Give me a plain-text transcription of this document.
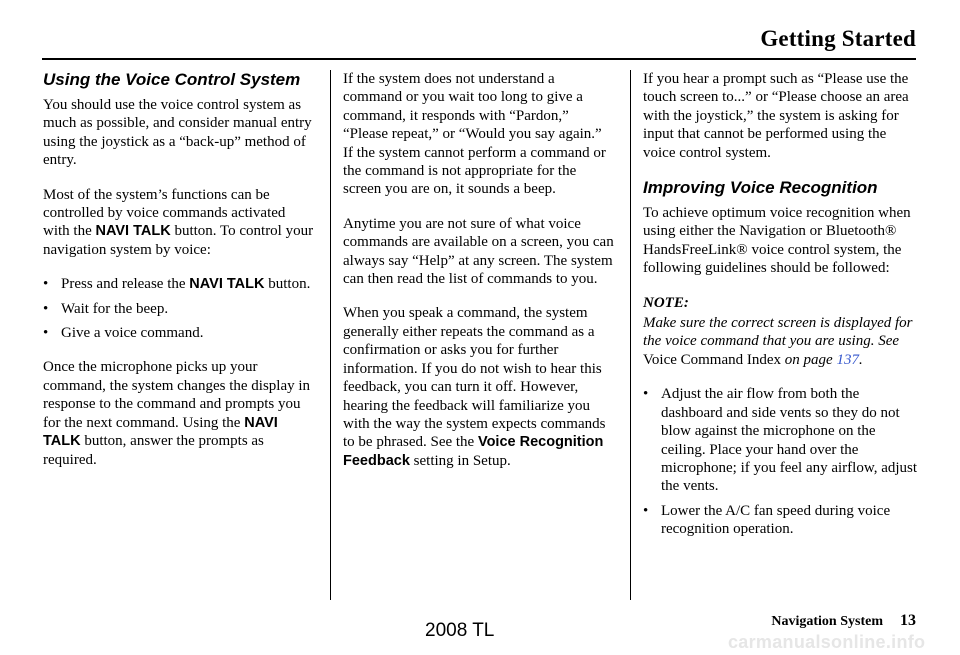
Getting Started
Using the Voice Control System

You should use the voice control system as much as possible, and consider manual entry using the joystick as a “back-up” method of entry.

Most of the system’s functions can be controlled by voice commands activated with the NAVI TALK button. To control your navigation system by voice:

• Press and release the NAVI TALK button.
• Wait for the beep.
• Give a voice command.

Once the microphone picks up your command, the system changes the display in response to the command and prompts you for the next command. Using the NAVI TALK button, answer the prompts as required.

If the system does not understand a command or you wait too long to give a command, it responds with “Pardon,” “Please repeat,” or “Would you say again.” If the system cannot perform a command or the command is not appropriate for the screen you are on, it sounds a beep.

Anytime you are not sure of what voice commands are available on a screen, you can always say “Help” at any screen. The system can then read the list of commands to you.

When you speak a command, the system generally either repeats the command as a confirmation or asks you for further information. If you do not wish to hear this feedback, you can turn it off. However, hearing the feedback will familiarize you with the way the system expects commands to be phrased. See the Voice Recognition Feedback setting in Setup.

If you hear a prompt such as “Please use the touch screen to...” or “Please choose an area with the joystick,” the system is asking for input that cannot be performed using the voice control system.

Improving Voice Recognition

To achieve optimum voice recognition when using either the Navigation or Bluetooth® HandsFreeLink® voice control system, the following guidelines should be followed:

NOTE:

Make sure the correct screen is displayed for the voice command that you are using. See Voice Command Index on page 137.

• Adjust the air flow from both the dashboard and side vents so they do not blow against the microphone on the ceiling. Place your hand over the microphone; if you feel any airflow, adjust the vents.
• Lower the A/C fan speed during voice recognition operation.
Navigation System 13
2008 TL
carmanualsonline.info
